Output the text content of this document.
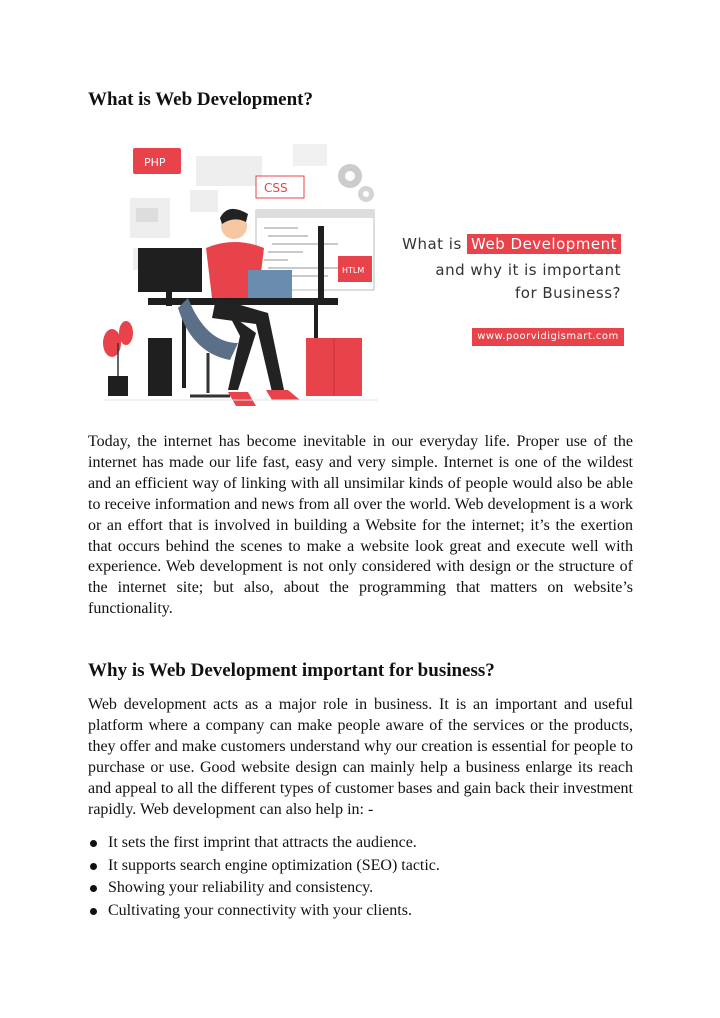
What is Web Development?
PHP
CSS
HTLM
What is Web Development
and why it is important
for Business?
www.poorvidigismart.com

Today, the internet has become inevitable in our everyday life. Proper use of the internet has made our life fast, easy and very simple. Internet is one of the wildest and an efficient way of linking with all unsimilar kinds of people would also be able to receive information and news from all over the world. Web development is a work or an effort that is involved in building a Website for the internet; it’s the exertion that occurs behind the scenes to make a website look great and execute well with experience. Web development is not only considered with design or the structure of the internet site; but also, about the programming that matters on website’s functionality.

Why is Web Development important for business?

Web development acts as a major role in business. It is an important and useful platform where a company can make people aware of the services or the products, they offer and make customers understand why our creation is essential for people to purchase or use. Good website design can mainly help a business enlarge its reach and appeal to all the different types of customer bases and gain back their investment rapidly. Web development can also help in: -

It sets the first imprint that attracts the audience.
It supports search engine optimization (SEO) tactic.
Showing your reliability and consistency.
Cultivating your connectivity with your clients.
